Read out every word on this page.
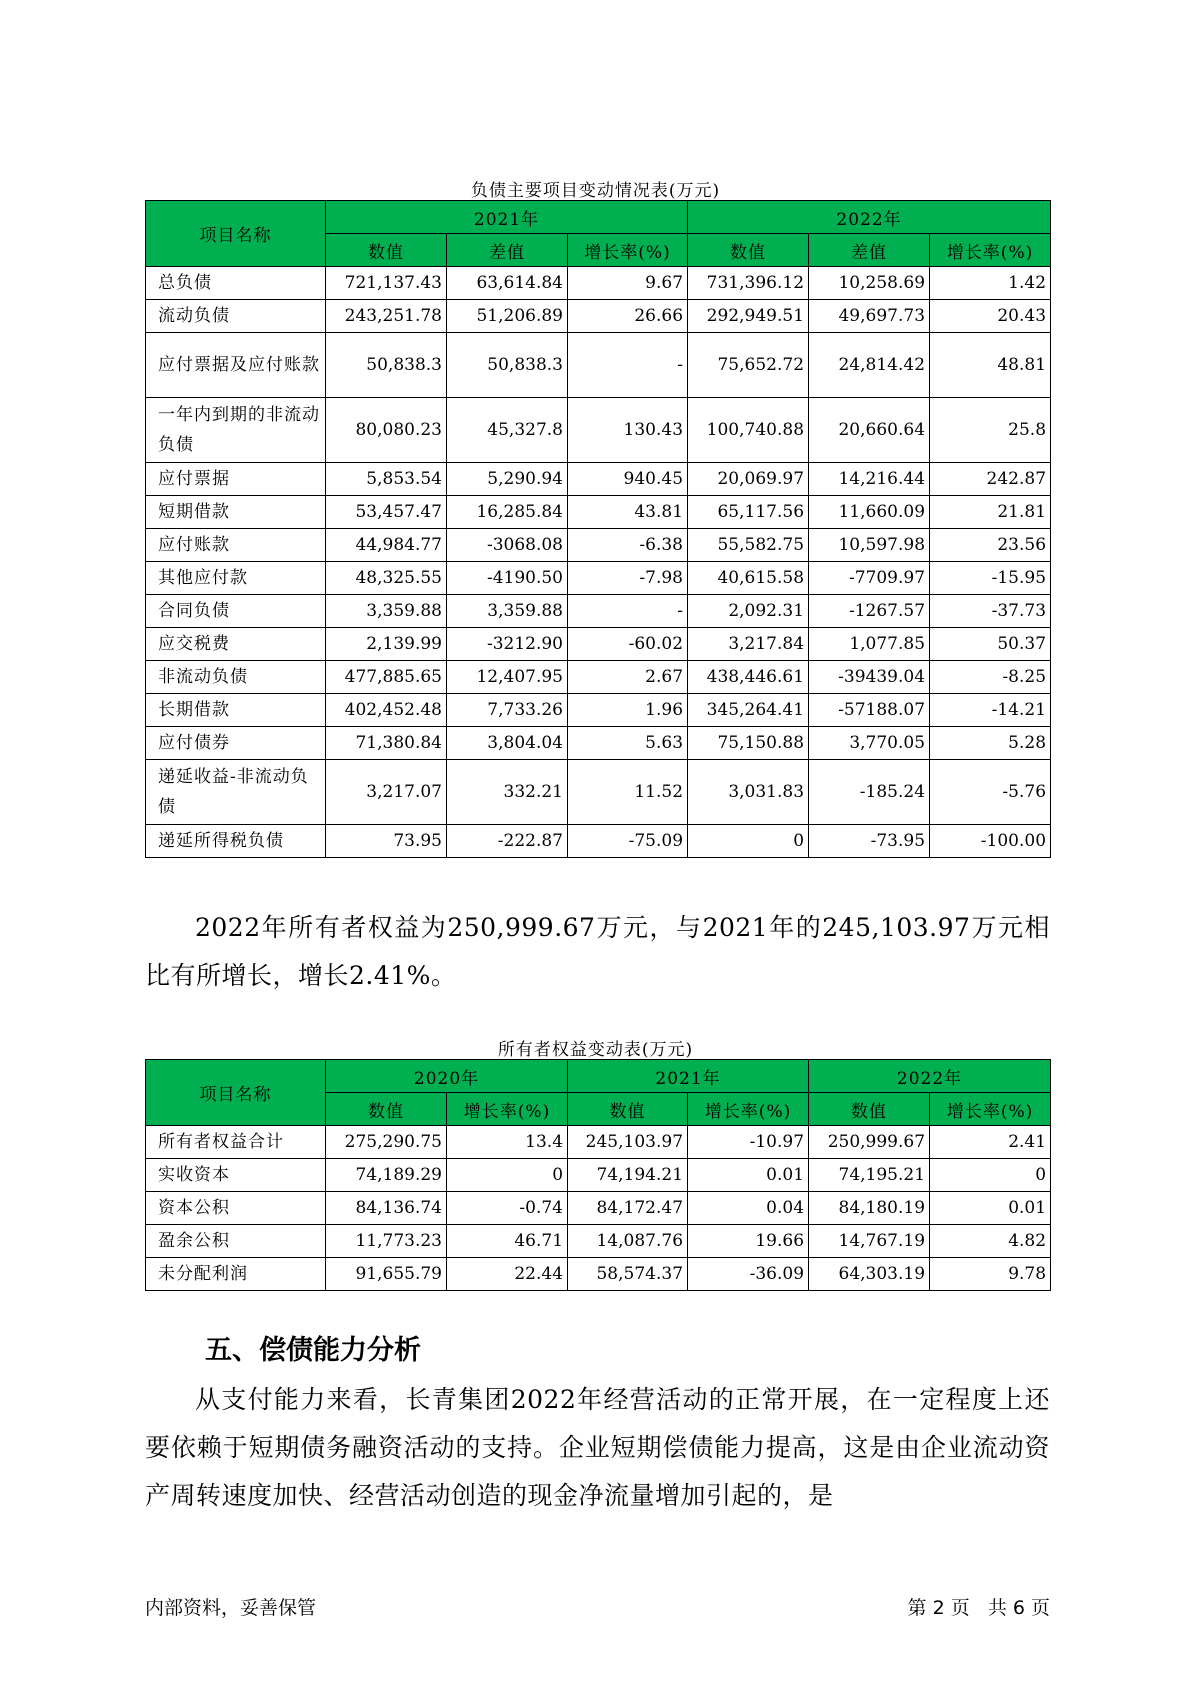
负债主要项目变动情况表(万元)
项目名称	2021年			2022年		
	数值	差值	增长率(%)	数值	差值	增长率(%)
总负债	721,137.43	63,614.84	9.67	731,396.12	10,258.69	1.42
流动负债	243,251.78	51,206.89	26.66	292,949.51	49,697.73	20.43
应付票据及应付账款	50,838.3	50,838.3	-	75,652.72	24,814.42	48.81
一年内到期的非流动负债	80,080.23	45,327.8	130.43	100,740.88	20,660.64	25.8
应付票据	5,853.54	5,290.94	940.45	20,069.97	14,216.44	242.87
短期借款	53,457.47	16,285.84	43.81	65,117.56	11,660.09	21.81
应付账款	44,984.77	-3068.08	-6.38	55,582.75	10,597.98	23.56
其他应付款	48,325.55	-4190.50	-7.98	40,615.58	-7709.97	-15.95
合同负债	3,359.88	3,359.88	-	2,092.31	-1267.57	-37.73
应交税费	2,139.99	-3212.90	-60.02	3,217.84	1,077.85	50.37
非流动负债	477,885.65	12,407.95	2.67	438,446.61	-39439.04	-8.25
长期借款	402,452.48	7,733.26	1.96	345,264.41	-57188.07	-14.21
应付债券	71,380.84	3,804.04	5.63	75,150.88	3,770.05	5.28
递延收益-非流动负债	3,217.07	332.21	11.52	3,031.83	-185.24	-5.76
递延所得税负债	73.95	-222.87	-75.09	0	-73.95	-100.00
2022年所有者权益为250,999.67万元，与2021年的245,103.97万元相比有所增长，增长2.41%。
所有者权益变动表(万元)
项目名称	2020年		2021年		2022年	
	数值	增长率(%)	数值	增长率(%)	数值	增长率(%)
所有者权益合计	275,290.75	13.4	245,103.97	-10.97	250,999.67	2.41
实收资本	74,189.29	0	74,194.21	0.01	74,195.21	0
资本公积	84,136.74	-0.74	84,172.47	0.04	84,180.19	0.01
盈余公积	11,773.23	46.71	14,087.76	19.66	14,767.19	4.82
未分配利润	91,655.79	22.44	58,574.37	-36.09	64,303.19	9.78
五、偿债能力分析
从支付能力来看，长青集团2022年经营活动的正常开展，在一定程度上还要依赖于短期债务融资活动的支持。企业短期偿债能力提高，这是由企业流动资产周转速度加快、经营活动创造的现金净流量增加引起的，是
内部资料，妥善保管	第 2 页   共 6 页
